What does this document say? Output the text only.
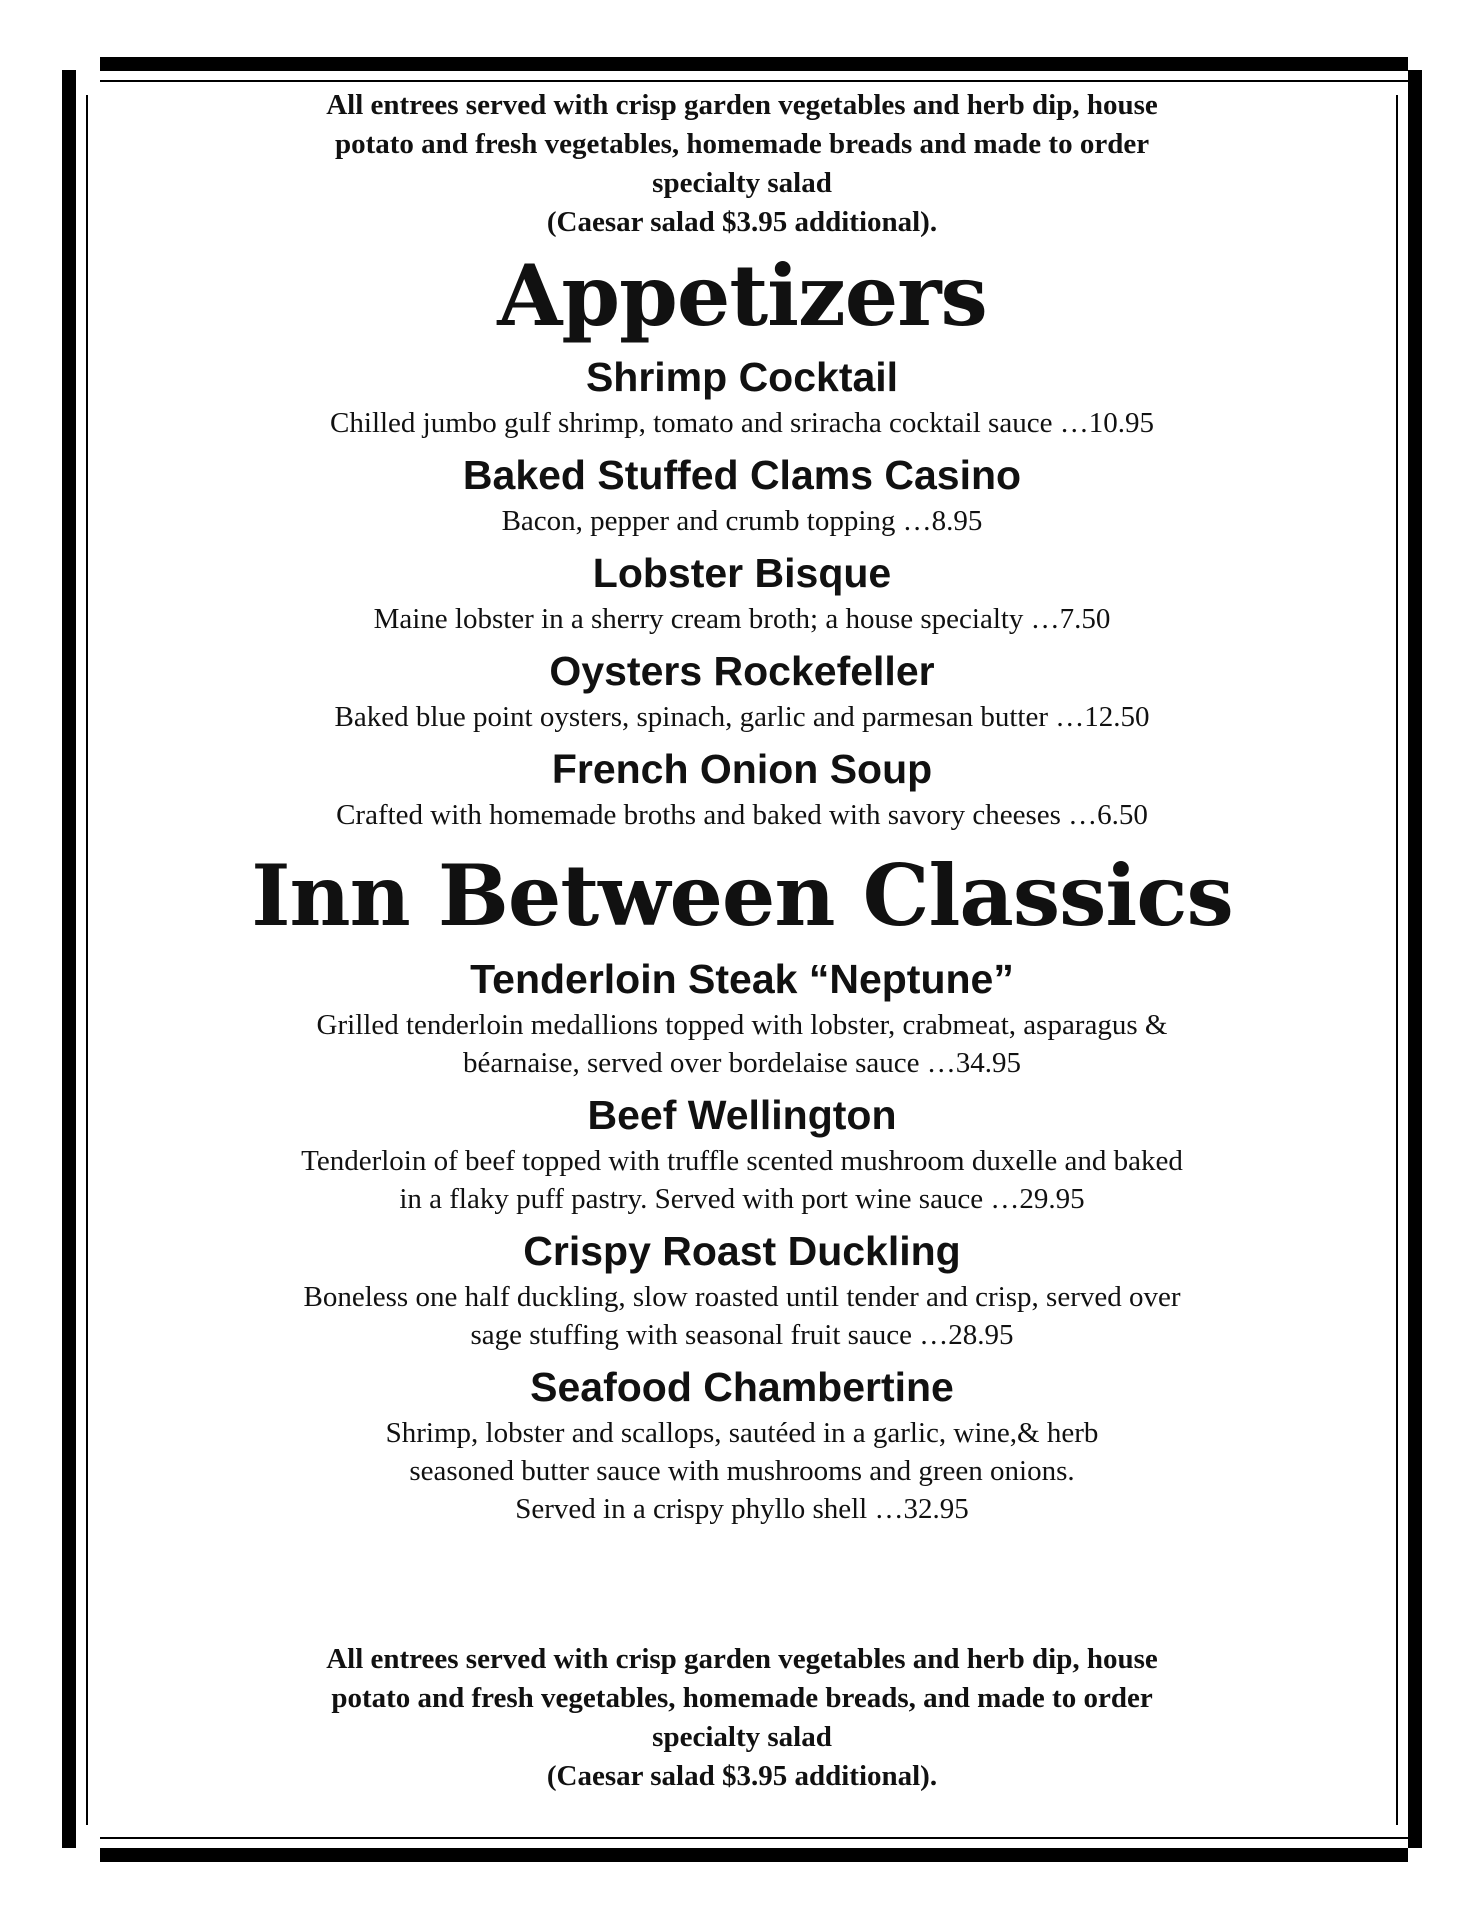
All entrees served with crisp garden vegetables and herb dip, house
potato and fresh vegetables, homemade breads and made to order
specialty salad
(Caesar salad $3.95 additional).
Appetizers
Shrimp Cocktail

Chilled jumbo gulf shrimp, tomato and sriracha cocktail sauce …10.95

Baked Stuffed Clams Casino

Bacon, pepper and crumb topping …8.95

Lobster Bisque

Maine lobster in a sherry cream broth; a house specialty …7.50

Oysters Rockefeller

Baked blue point oysters, spinach, garlic and parmesan butter …12.50

French Onion Soup

Crafted with homemade broths and baked with savory cheeses …6.50

Inn Between Classics
Tenderloin Steak “Neptune”

Grilled tenderloin medallions topped with lobster, crabmeat, asparagus &
béarnaise, served over bordelaise sauce …34.95

Beef Wellington

Tenderloin of beef topped with truffle scented mushroom duxelle and baked
in a flaky puff pastry. Served with port wine sauce …29.95

Crispy Roast Duckling

Boneless one half duckling, slow roasted until tender and crisp, served over
sage stuffing with seasonal fruit sauce …28.95

Seafood Chambertine

Shrimp, lobster and scallops, sautéed in a garlic, wine,& herb
seasoned butter sauce with mushrooms and green onions.
Served in a crispy phyllo shell …32.95

All entrees served with crisp garden vegetables and herb dip, house
potato and fresh vegetables, homemade breads, and made to order
specialty salad
(Caesar salad $3.95 additional).
